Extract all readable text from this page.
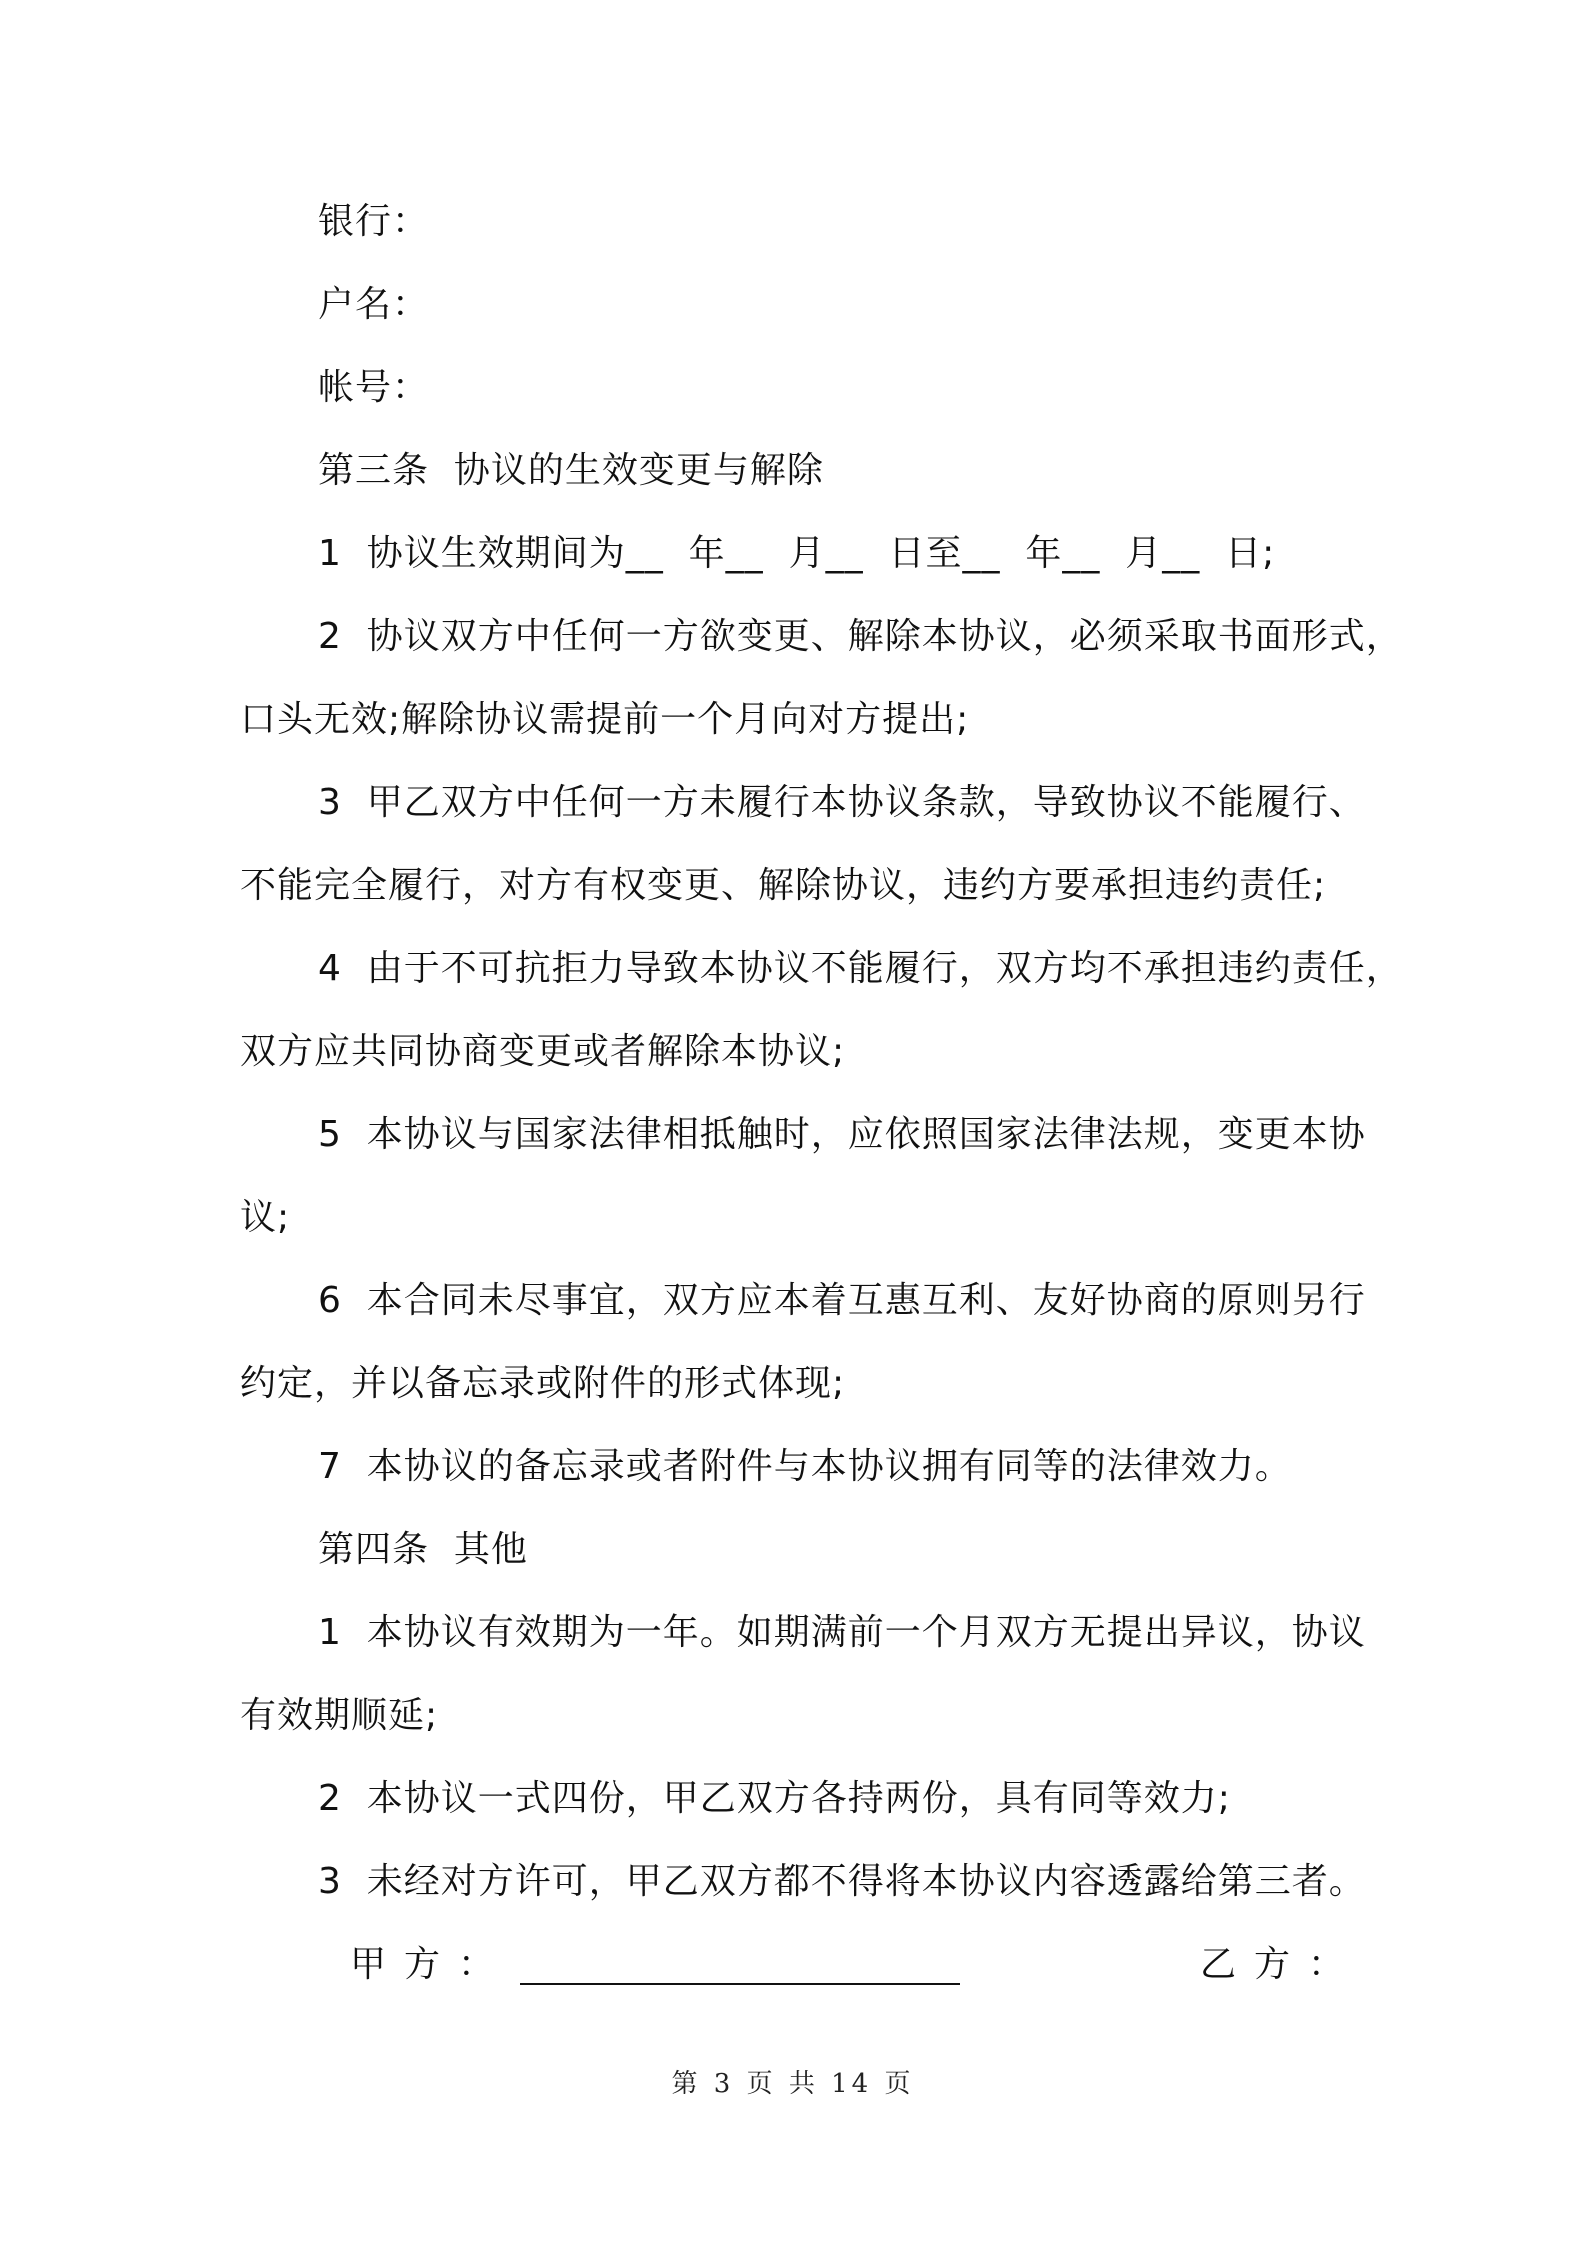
银行：
户名：
帐号：
第三条  协议的生效变更与解除
1  协议生效期间为__  年__  月__  日至__  年__  月__  日;
2  协议双方中任何一方欲变更、解除本协议，必须采取书面形式，
口头无效;解除协议需提前一个月向对方提出;
3  甲乙双方中任何一方未履行本协议条款，导致协议不能履行、
不能完全履行，对方有权变更、解除协议，违约方要承担违约责任;
4  由于不可抗拒力导致本协议不能履行，双方均不承担违约责任，
双方应共同协商变更或者解除本协议;
5  本协议与国家法律相抵触时，应依照国家法律法规，变更本协
议;
6  本合同未尽事宜，双方应本着互惠互利、友好协商的原则另行
约定，并以备忘录或附件的形式体现;
7  本协议的备忘录或者附件与本协议拥有同等的法律效力。
第四条  其他
1  本协议有效期为一年。如期满前一个月双方无提出异议，协议
有效期顺延;
2  本协议一式四份，甲乙双方各持两份，具有同等效力;
3  未经对方许可，甲乙双方都不得将本协议内容透露给第三者。
甲方：	乙方：
第 3 页 共 14 页
